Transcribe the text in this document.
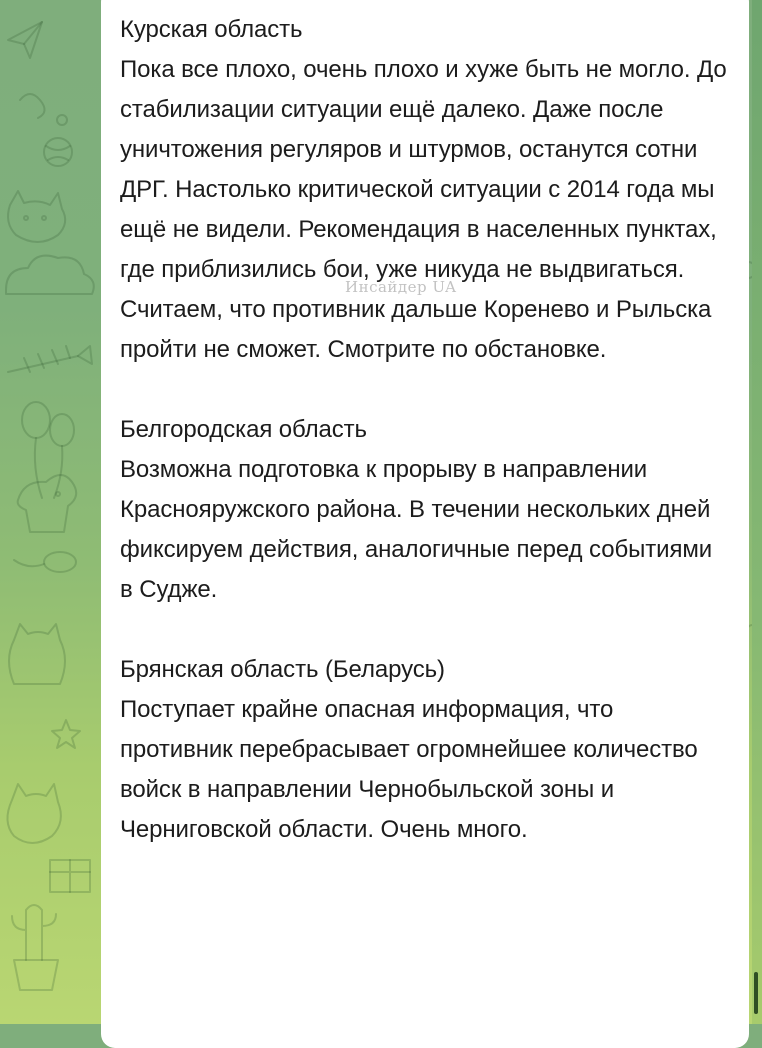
Курская область

Пока все плохо, очень плохо и хуже быть не могло. До стабилизации ситуации ещё далеко. Даже после уничтожения регуляров и штурмов, останутся сотни ДРГ. Настолько критической ситуации с 2014 года мы ещё не видели. Рекомендация в населенных пунктах, где приблизились бои, уже никуда не выдвигаться. Считаем, что противник дальше Коренево и Рыльска пройти не сможет. Смотрите по обстановке.

Белгородская область

Возможна подготовка к прорыву в направлении Краснояружского района. В течении нескольких дней фиксируем действия, аналогичные перед событиями в Судже.

Брянская область (Беларусь)

Поступает крайне опасная информация, что противник перебрасывает огромнейшее количество войск в направлении Чернобыльской зоны и Черниговской области. Очень много.

Инсайдер UA
